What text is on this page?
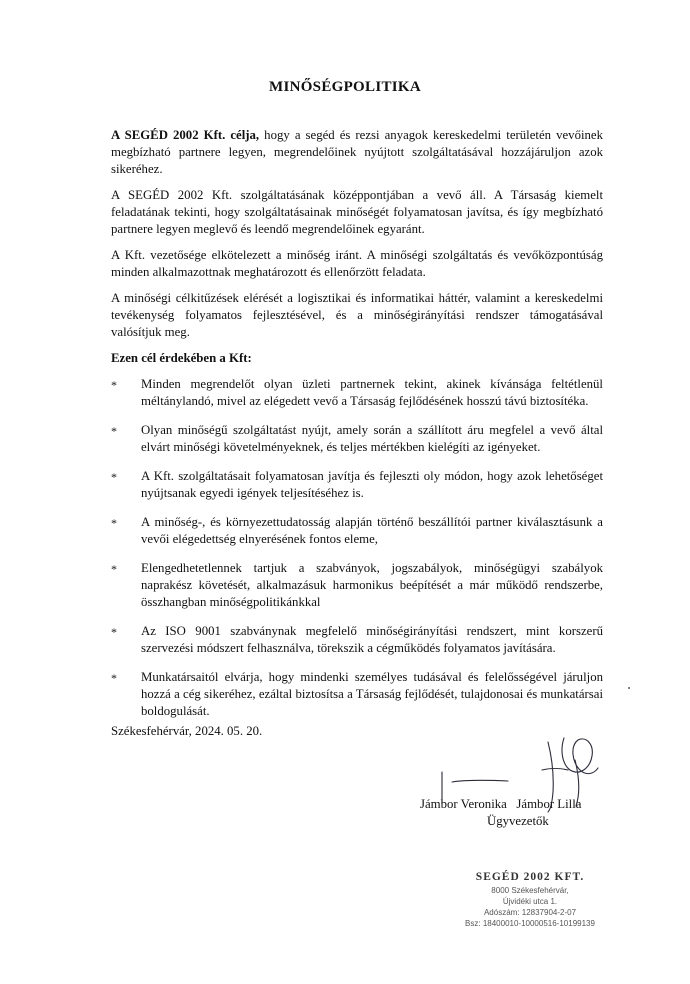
MINŐSÉGPOLITIKA

A SEGÉD 2002 Kft. célja, hogy a segéd és rezsi anyagok kereskedelmi területén vevőinek megbízható partnere legyen, megrendelőinek nyújtott szolgáltatásával hozzájáruljon azok sikeréhez.

A SEGÉD 2002 Kft. szolgáltatásának középpontjában a vevő áll. A Társaság kiemelt feladatának tekinti, hogy szolgáltatásainak minőségét folyamatosan javítsa, és így megbízható partnere legyen meglevő és leendő megrendelőinek egyaránt.

A Kft. vezetősége elkötelezett a minőség iránt. A minőségi szolgáltatás és vevőközpontúság minden alkalmazottnak meghatározott és ellenőrzött feladata.

A minőségi célkitűzések elérését a logisztikai és informatikai háttér, valamint a kereskedelmi tevékenység folyamatos fejlesztésével, és a minőségirányítási rendszer támogatásával valósítjuk meg.

Ezen cél érdekében a Kft:
* Minden megrendelőt olyan üzleti partnernek tekint, akinek kívánsága feltétlenül méltánylandó, mivel az elégedett vevő a Társaság fejlődésének hosszú távú biztosítéka.
* Olyan minőségű szolgáltatást nyújt, amely során a szállított áru megfelel a vevő által elvárt minőségi követelményeknek, és teljes mértékben kielégíti az igényeket.
* A Kft. szolgáltatásait folyamatosan javítja és fejleszti oly módon, hogy azok lehetőséget nyújtsanak egyedi igények teljesítéséhez is.
* A minőség-, és környezettudatosság alapján történő beszállítói partner kiválasztásunk a vevői elégedettség elnyerésének fontos eleme,
* Elengedhetetlennek tartjuk a szabványok, jogszabályok, minőségügyi szabályok naprakész követését, alkalmazásuk harmonikus beépítését a már működő rendszerbe, összhangban minőségpolitikánkkal
* Az ISO 9001 szabványnak megfelelő minőségirányítási rendszert, mint korszerű szervezési módszert felhasználva, törekszik a cégműködés folyamatos javítására.
* Munkatársaitól elvárja, hogy mindenki személyes tudásával és felelősségével járuljon hozzá a cég sikeréhez, ezáltal biztosítsa a Társaság fejlődését, tulajdonosai és munkatársai boldogulását.
Székesfehérvár, 2024. 05. 20.
Jámbor Veronika   Jámbor Lilla
Ügyvezetők
SEGÉD 2002 KFT.
8000 Székesfehérvár,
Újvidéki utca 1.
Adószám: 12837904-2-07
Bsz: 18400010-10000516-10199139
